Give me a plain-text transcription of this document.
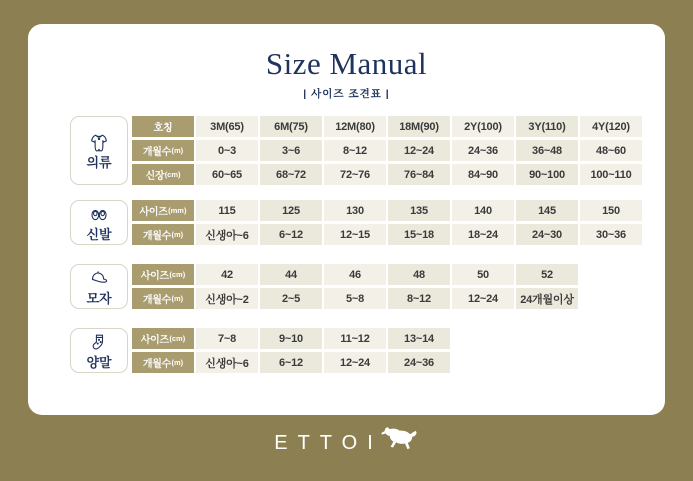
Size Manual
| 사이즈 조견표 |
의류
호칭	3M(65)	6M(75)	12M(80)	18M(90)	2Y(100)	3Y(110)	4Y(120)
개월수 (m)	0~3	3~6	8~12	12~24	24~36	36~48	48~60
신장 (cm)	60~65	68~72	72~76	76~84	84~90	90~100	100~110
신발
사이즈 (mm)	115	125	130	135	140	145	150
개월수 (m)	신생아~6	6~12	12~15	15~18	18~24	24~30	30~36
모자
사이즈 (cm)	42	44	46	48	50	52
개월수 (m)	신생아~2	2~5	5~8	8~12	12~24	24개월이상
양말
사이즈 (cm)	7~8	9~10	11~12	13~14
개월수 (m)	신생아~6	6~12	12~24	24~36
ETTOI
